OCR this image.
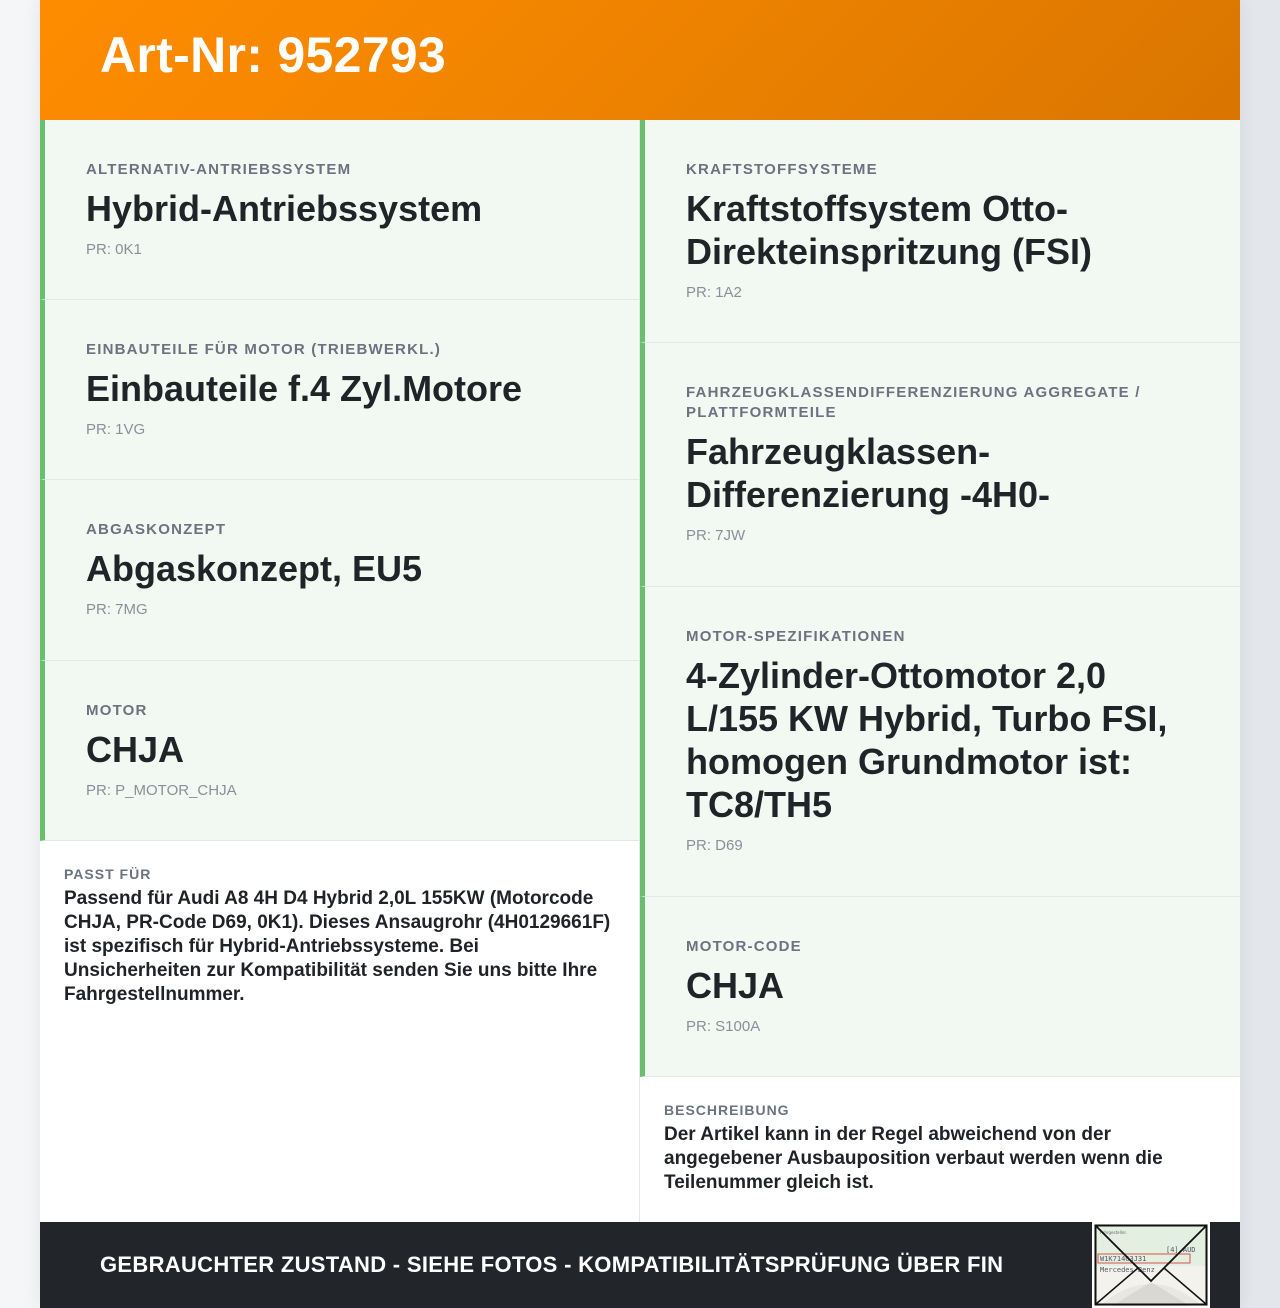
Art-Nr: 952793
ALTERNATIV-ANTRIEBSSYSTEM
Hybrid-Antriebssystem
PR: 0K1
EINBAUTEILE FÜR MOTOR (TRIEBWERKL.)
Einbauteile f.4 Zyl.Motore
PR: 1VG
ABGASKONZEPT
Abgaskonzept, EU5
PR: 7MG
MOTOR
CHJA
PR: P_MOTOR_CHJA
PASST FÜR
Passend für Audi A8 4H D4 Hybrid 2,0L 155KW (Motorcode CHJA, PR-Code D69, 0K1). Dieses Ansaugrohr (4H0129661F) ist spezifisch für Hybrid-Antriebssysteme. Bei Unsicherheiten zur Kompatibilität senden Sie uns bitte Ihre Fahrgestellnummer.
KRAFTSTOFFSYSTEME
Kraftstoffsystem Otto-Direkteinspritzung (FSI)
PR: 1A2
FAHRZEUGKLASSENDIFFERENZIERUNG AGGREGATE / PLATTFORMTEILE
Fahrzeugklassen-Differenzierung -4H0-
PR: 7JW
MOTOR-SPEZIFIKATIONEN
4-Zylinder-Ottomotor 2,0 L/155 KW Hybrid, Turbo FSI, homogen Grundmotor ist: TC8/TH5
PR: D69
MOTOR-CODE
CHJA
PR: S100A
BESCHREIBUNG
Der Artikel kann in der Regel abweichend von der angegebener Ausbauposition verbaut werden wenn die Teilenummer gleich ist.
GEBRAUCHTER ZUSTAND - SIEHE FOTOS - KOMPATIBILITÄTSPRÜFUNG ÜBER FIN
Fahrgestellnr.
[4] AUD
W1K71463J31
Mercedes-Benz
